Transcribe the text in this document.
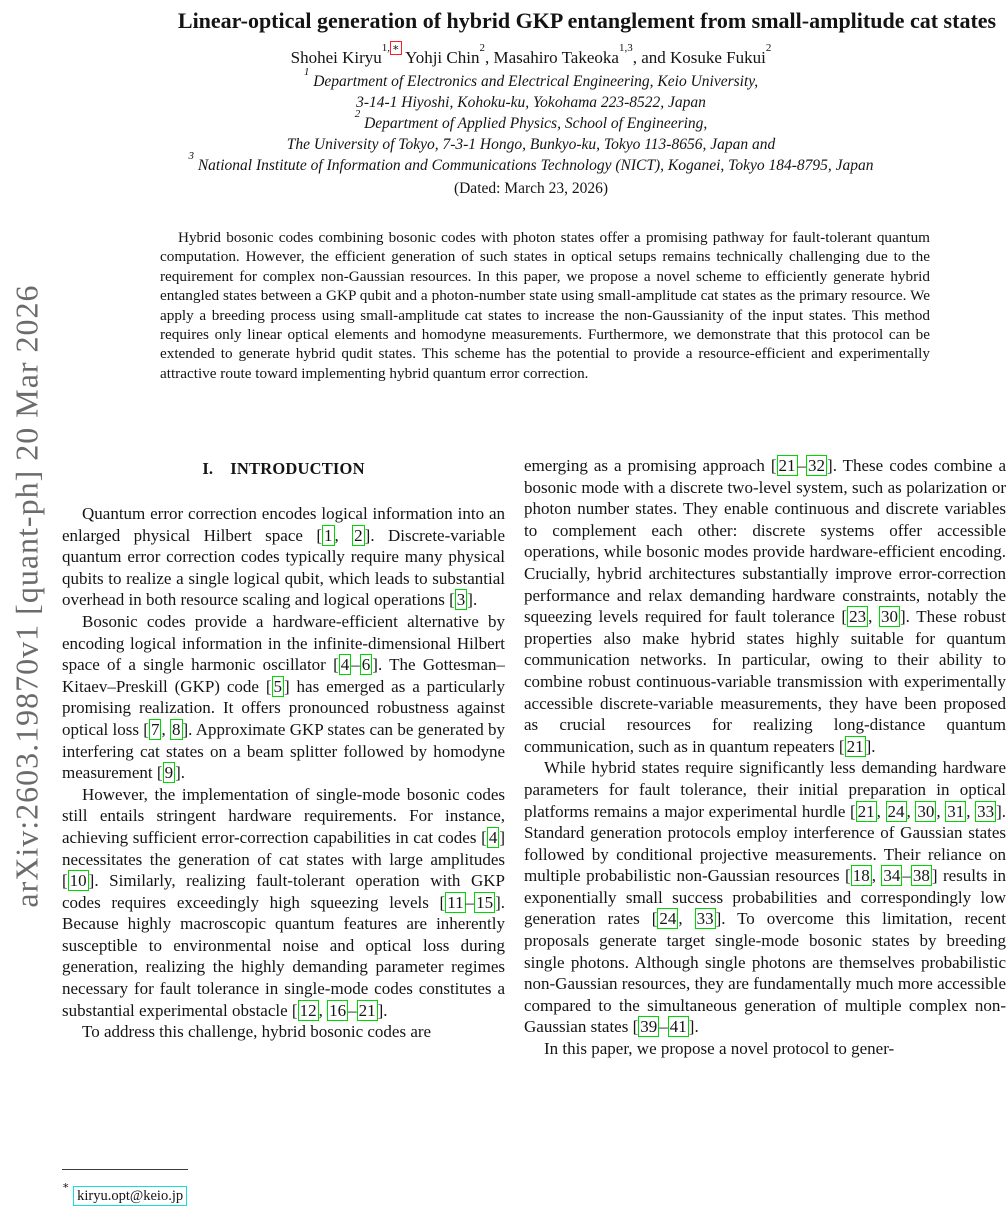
arXiv:2603.19870v1 [quant-ph] 20 Mar 2026
Linear-optical generation of hybrid GKP entanglement from small-amplitude cat states
Shohei Kiryu$^{1,}$ ∗ Yohji Chin$^2$, Masahiro Takeoka$^{1,3}$, and Kosuke Fukui$^2$
$^1$ Department of Electronics and Electrical Engineering, Keio University,
3-14-1 Hiyoshi, Kohoku-ku, Yokohama 223-8522, Japan
$^2$ Department of Applied Physics, School of Engineering,
The University of Tokyo, 7-3-1 Hongo, Bunkyo-ku, Tokyo 113-8656, Japan and
$^3$ National Institute of Information and Communications Technology (NICT), Koganei, Tokyo 184-8795, Japan
(Dated: March 23, 2026)
Hybrid bosonic codes combining bosonic codes with photon states offer a promising pathway for fault-tolerant quantum computation. However, the efficient generation of such states in optical setups remains technically challenging due to the requirement for complex non-Gaussian resources. In this paper, we propose a novel scheme to efficiently generate hybrid entangled states between a GKP qubit and a photon-number state using small-amplitude cat states as the primary resource. We apply a breeding process using small-amplitude cat states to increase the non-Gaussianity of the input states. This method requires only linear optical elements and homodyne measurements. Furthermore, we demonstrate that this protocol can be extended to generate hybrid qudit states. This scheme has the potential to provide a resource-efficient and experimentally attractive route toward implementing hybrid quantum error correction.
I. INTRODUCTION

Quantum error correction encodes logical information into an enlarged physical Hilbert space [ 1 , 2 ]. Discrete-variable quantum error correction codes typically require many physical qubits to realize a single logical qubit, which leads to substantial overhead in both resource scaling and logical operations [ 3 ].

Bosonic codes provide a hardware-efficient alternative by encoding logical information in the infinite-dimensional Hilbert space of a single harmonic oscillator [ 4 – 6 ]. The Gottesman–Kitaev–Preskill (GKP) code [ 5 ] has emerged as a particularly promising realization. It offers pronounced robustness against optical loss [ 7 , 8 ]. Approximate GKP states can be generated by interfering cat states on a beam splitter followed by homodyne measurement [ 9 ].

However, the implementation of single-mode bosonic codes still entails stringent hardware requirements. For instance, achieving sufficient error-correction capabilities in cat codes [ 4 ] necessitates the generation of cat states with large amplitudes [ 10 ]. Similarly, realizing fault-tolerant operation with GKP codes requires exceedingly high squeezing levels [ 11 – 15 ]. Because highly macroscopic quantum features are inherently susceptible to environmental noise and optical loss during generation, realizing the highly demanding parameter regimes necessary for fault tolerance in single-mode codes constitutes a substantial experimental obstacle [ 12 , 16 – 21 ].

To address this challenge, hybrid bosonic codes are

∗ kiryu.opt@keio.jp

emerging as a promising approach [ 21 – 32 ]. These codes combine a bosonic mode with a discrete two-level system, such as polarization or photon number states. They enable continuous and discrete variables to complement each other: discrete systems offer accessible operations, while bosonic modes provide hardware-efficient encoding. Crucially, hybrid architectures substantially improve error-correction performance and relax demanding hardware constraints, notably the squeezing levels required for fault tolerance [ 23 , 30 ]. These robust properties also make hybrid states highly suitable for quantum communication networks. In particular, owing to their ability to combine robust continuous-variable transmission with experimentally accessible discrete-variable measurements, they have been proposed as crucial resources for realizing long-distance quantum communication, such as in quantum repeaters [ 21 ].

While hybrid states require significantly less demanding hardware parameters for fault tolerance, their initial preparation in optical platforms remains a major experimental hurdle [ 21 , 24 , 30 , 31 , 33 ]. Standard generation protocols employ interference of Gaussian states followed by conditional projective measurements. Their reliance on multiple probabilistic non-Gaussian resources [ 18 , 34 – 38 ] results in exponentially small success probabilities and correspondingly low generation rates [ 24 , 33 ]. To overcome this limitation, recent proposals generate target single-mode bosonic states by breeding single photons. Although single photons are themselves probabilistic non-Gaussian resources, they are fundamentally much more accessible compared to the simultaneous generation of multiple complex non-Gaussian states [ 39 – 41 ].

In this paper, we propose a novel protocol to gener-
